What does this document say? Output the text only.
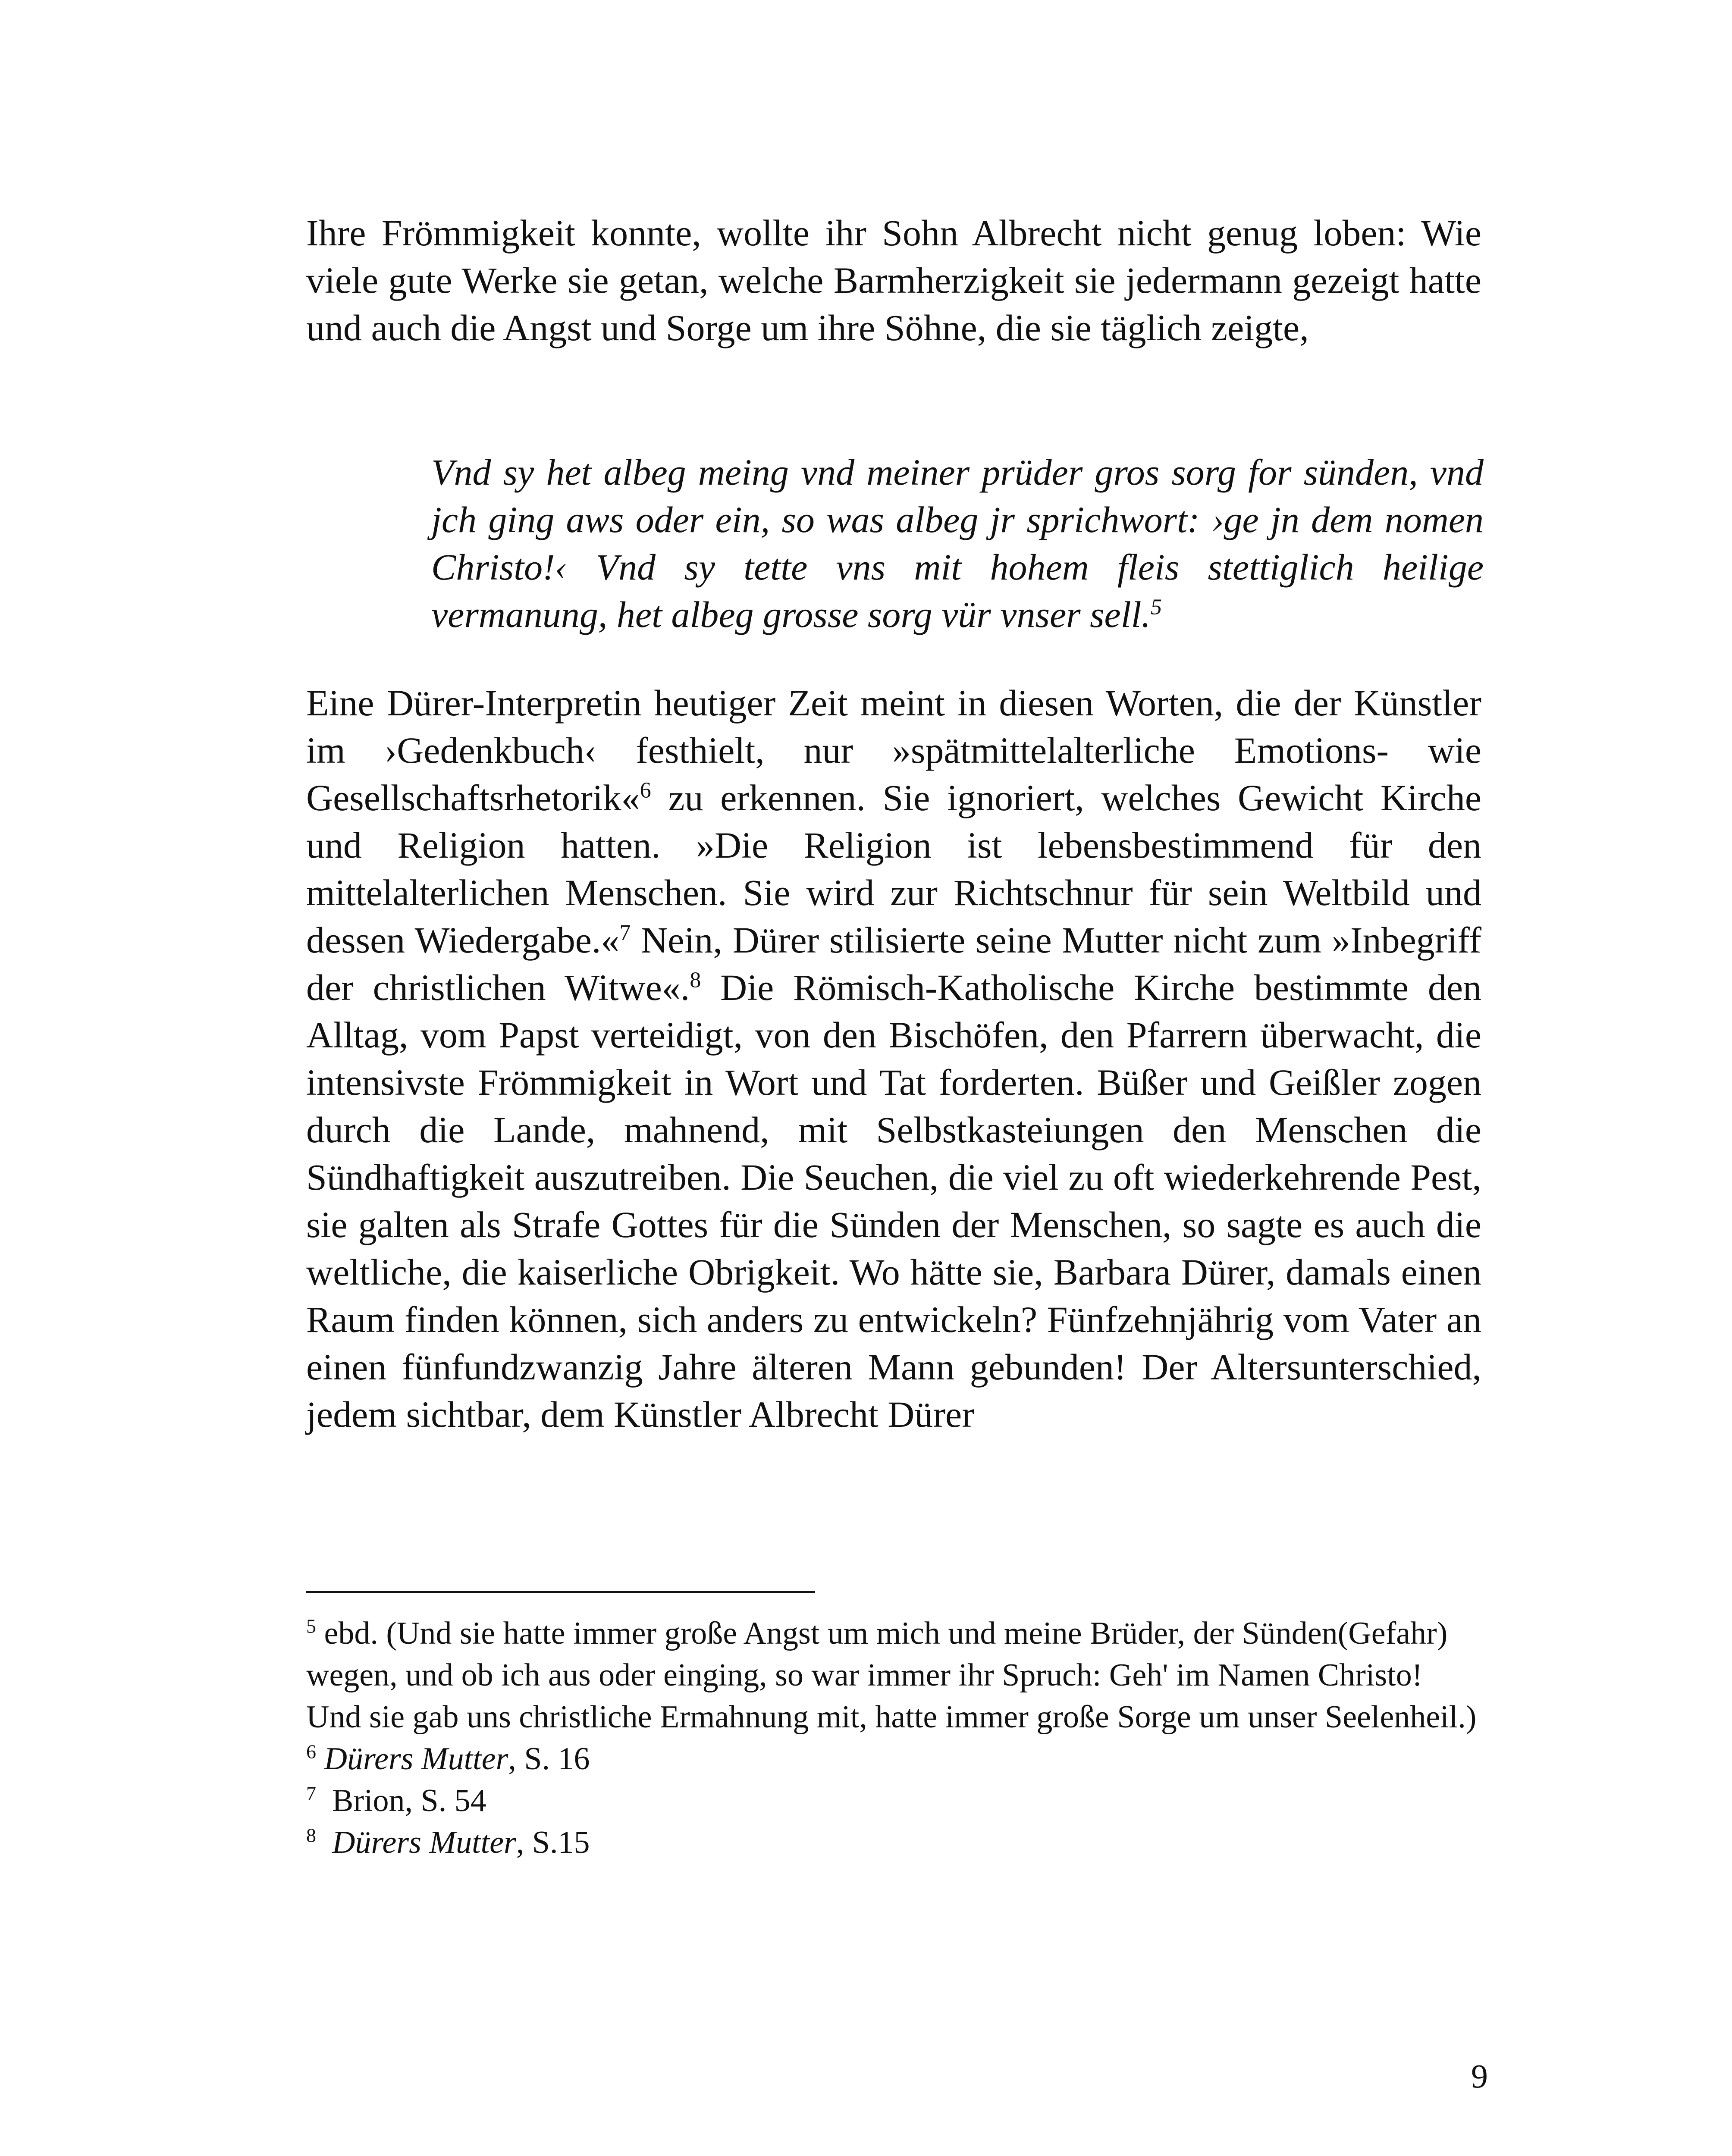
Ihre Frömmigkeit konnte, wollte ihr Sohn Albrecht nicht genug loben: Wie viele gute Werke sie getan, welche Barmherzigkeit sie jedermann gezeigt hatte und auch die Angst und Sorge um ihre Söhne, die sie täglich zeigte,

Vnd sy het albeg meing vnd meiner prüder gros sorg for sünden, vnd jch ging aws oder ein, so was albeg jr sprichwort: ›ge jn dem nomen Christo!‹ Vnd sy tette vns mit hohem fleis stettiglich heilige vermanung, het albeg grosse sorg vür vnser sell.$^5$

Eine Dürer-Interpretin heutiger Zeit meint in diesen Worten, die der Künstler im ›Gedenkbuch‹ festhielt, nur »spätmittelalterliche Emotions- wie Gesellschaftsrhetorik«$^6$ zu erkennen. Sie ignoriert, welches Gewicht Kirche und Religion hatten. »Die Religion ist lebensbestimmend für den mittelalterlichen Menschen. Sie wird zur Richtschnur für sein Weltbild und dessen Wiedergabe.«$^7$ Nein, Dürer stilisierte seine Mutter nicht zum »Inbegriff der christlichen Witwe«.$^8$ Die Römisch-Katholische Kirche bestimmte den Alltag, vom Papst verteidigt, von den Bischöfen, den Pfarrern überwacht, die intensivste Frömmigkeit in Wort und Tat forderten. Büßer und Geißler zogen durch die Lande, mahnend, mit Selbstkasteiungen den Menschen die Sündhaftigkeit auszutreiben. Die Seuchen, die viel zu oft wiederkehrende Pest, sie galten als Strafe Gottes für die Sünden der Menschen, so sagte es auch die weltliche, die kaiserliche Obrigkeit. Wo hätte sie, Barbara Dürer, damals einen Raum finden können, sich anders zu entwickeln? Fünfzehnjährig vom Vater an einen fünfundzwanzig Jahre älteren Mann gebunden! Der Altersunterschied, jedem sichtbar, dem Künstler Albrecht Dürer

$^5$ ebd. (Und sie hatte immer große Angst um mich und meine Brüder, der Sünden(Gefahr) wegen, und ob ich aus oder einging, so war immer ihr Spruch: Geh' im Namen Christo! Und sie gab uns christliche Ermahnung mit, hatte immer große Sorge um unser Seelenheil.)

$^6$ Dürers Mutter, S. 16

$^7$ Brion, S. 54

$^8$ Dürers Mutter, S.15

9
